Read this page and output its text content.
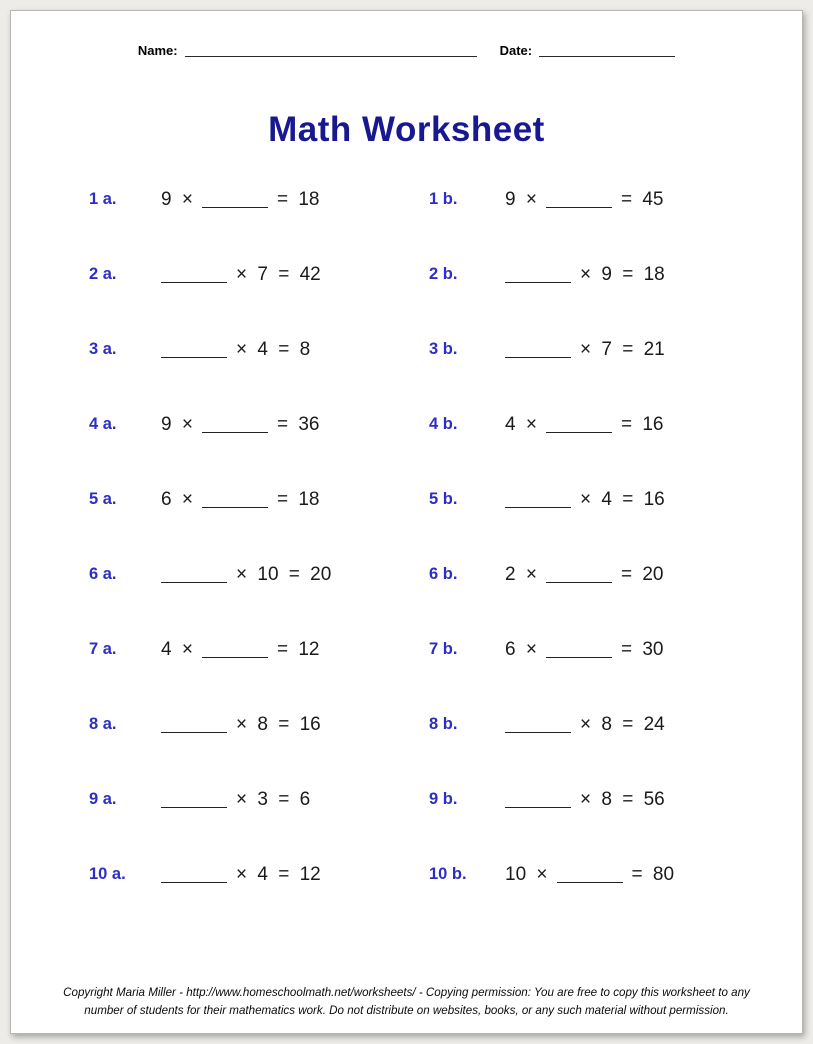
Name:	Date:
Math Worksheet
1 a.	9 ×	= 18	1 b.	9 ×	= 45
2 a.	× 7 = 42	2 b.	× 9 = 18
3 a.	× 4 = 8	3 b.	× 7 = 21
4 a.	9 ×	= 36	4 b.	4 ×	= 16
5 a.	6 ×	= 18	5 b.	× 4 = 16
6 a.	× 10 = 20	6 b.	2 ×	= 20
7 a.	4 ×	= 12	7 b.	6 ×	= 30
8 a.	× 8 = 16	8 b.	× 8 = 24
9 a.	× 3 = 6	9 b.	× 8 = 56
10 a.	× 4 = 12	10 b.	10 ×	= 80
Copyright Maria Miller - http://www.homeschoolmath.net/worksheets/ - Copying permission: You are free to copy this worksheet to any
number of students for their mathematics work. Do not distribute on websites, books, or any such material without permission.
